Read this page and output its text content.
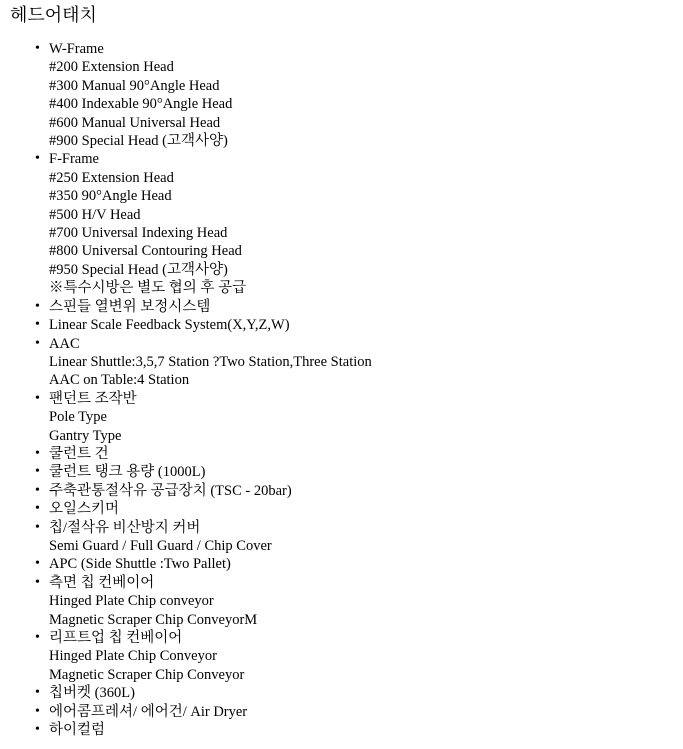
헤드어태치
• W-Frame
#200 Extension Head
#300 Manual 90°Angle Head
#400 Indexable 90°Angle Head
#600 Manual Universal Head
#900 Special Head (고객사양)
• F-Frame
#250 Extension Head
#350 90°Angle Head
#500 H/V Head
#700 Universal Indexing Head
#800 Universal Contouring Head
#950 Special Head (고객사양)
※특수시방은 별도 협의 후 공급
• 스핀들 열변위 보정시스템
• Linear Scale Feedback System(X,Y,Z,W)
• AAC
Linear Shuttle:3,5,7 Station ?Two Station,Three Station
AAC on Table:4 Station
• 팬던트 조작반
Pole Type
Gantry Type
• 쿨런트 건
• 쿨런트 탱크 용량 (1000L)
• 주축관통절삭유 공급장치 (TSC - 20bar)
• 오일스키머
• 칩/절삭유 비산방지 커버
Semi Guard / Full Guard / Chip Cover
• APC (Side Shuttle :Two Pallet)
• 측면 칩 컨베이어
Hinged Plate Chip conveyor
Magnetic Scraper Chip ConveyorM
• 리프트업 칩 컨베이어
Hinged Plate Chip Conveyor
Magnetic Scraper Chip Conveyor
• 칩버켓 (360L)
• 에어콤프레셔/ 에어건/ Air Dryer
• 하이컬럼
